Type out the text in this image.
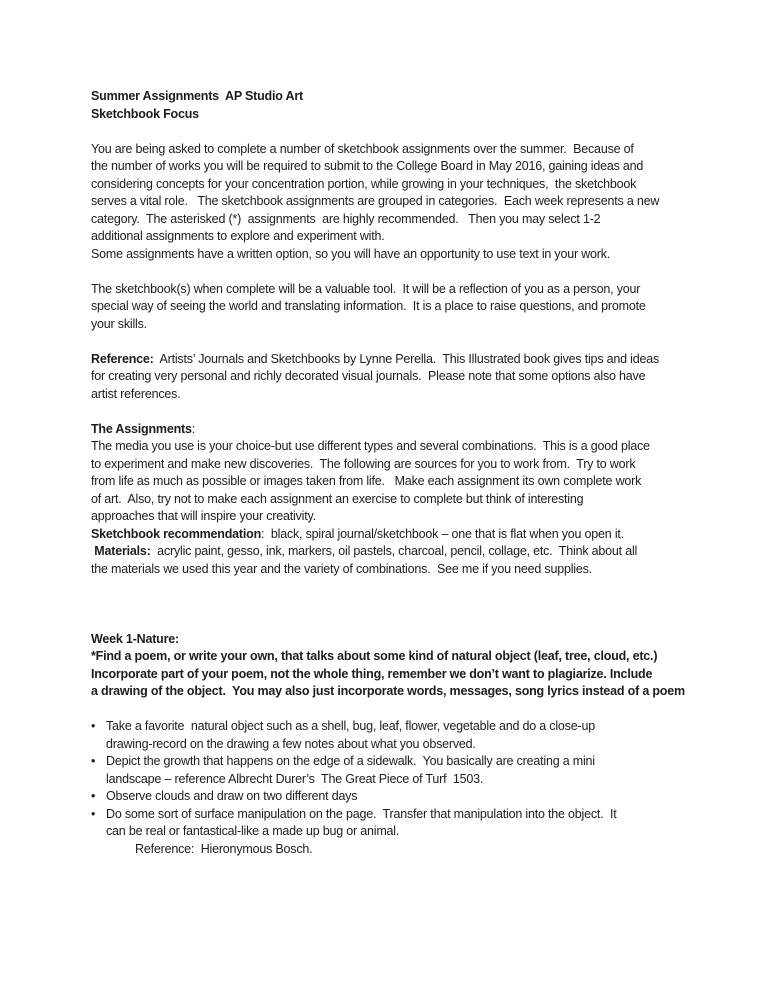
Summer Assignments  AP Studio Art
Sketchbook Focus
You are being asked to complete a number of sketchbook assignments over the summer.  Because of
the number of works you will be required to submit to the College Board in May 2016, gaining ideas and
considering concepts for your concentration portion, while growing in your techniques,  the sketchbook
serves a vital role.   The sketchbook assignments are grouped in categories.  Each week represents a new
category.  The asterisked (*)  assignments  are highly recommended.   Then you may select 1-2
additional assignments to explore and experiment with.
Some assignments have a written option, so you will have an opportunity to use text in your work.
The sketchbook(s) when complete will be a valuable tool.  It will be a reflection of you as a person, your
special way of seeing the world and translating information.  It is a place to raise questions, and promote
your skills.
Reference:  Artists’ Journals and Sketchbooks by Lynne Perella.  This Illustrated book gives tips and ideas
for creating very personal and richly decorated visual journals.  Please note that some options also have
artist references.
The Assignments:
The media you use is your choice-but use different types and several combinations.  This is a good place
to experiment and make new discoveries.  The following are sources for you to work from.  Try to work
from life as much as possible or images taken from life.   Make each assignment its own complete work
of art.  Also, try not to make each assignment an exercise to complete but think of interesting
approaches that will inspire your creativity.
Sketchbook recommendation:  black, spiral journal/sketchbook – one that is flat when you open it.
Materials:  acrylic paint, gesso, ink, markers, oil pastels, charcoal, pencil, collage, etc.  Think about all
the materials we used this year and the variety of combinations.  See me if you need supplies.
Week 1-Nature:
*Find a poem, or write your own, that talks about some kind of natural object (leaf, tree, cloud, etc.)
Incorporate part of your poem, not the whole thing, remember we don’t want to plagiarize. Include
a drawing of the object.  You may also just incorporate words, messages, song lyrics instead of a poem
• Take a favorite  natural object such as a shell, bug, leaf, flower, vegetable and do a close-up
drawing-record on the drawing a few notes about what you observed.
• Depict the growth that happens on the edge of a sidewalk.  You basically are creating a mini
landscape – reference Albrecht Durer’s  The Great Piece of Turf  1503.
• Observe clouds and draw on two different days
• Do some sort of surface manipulation on the page.  Transfer that manipulation into the object.  It
can be real or fantastical-like a made up bug or animal.
Reference:  Hieronymous Bosch.
